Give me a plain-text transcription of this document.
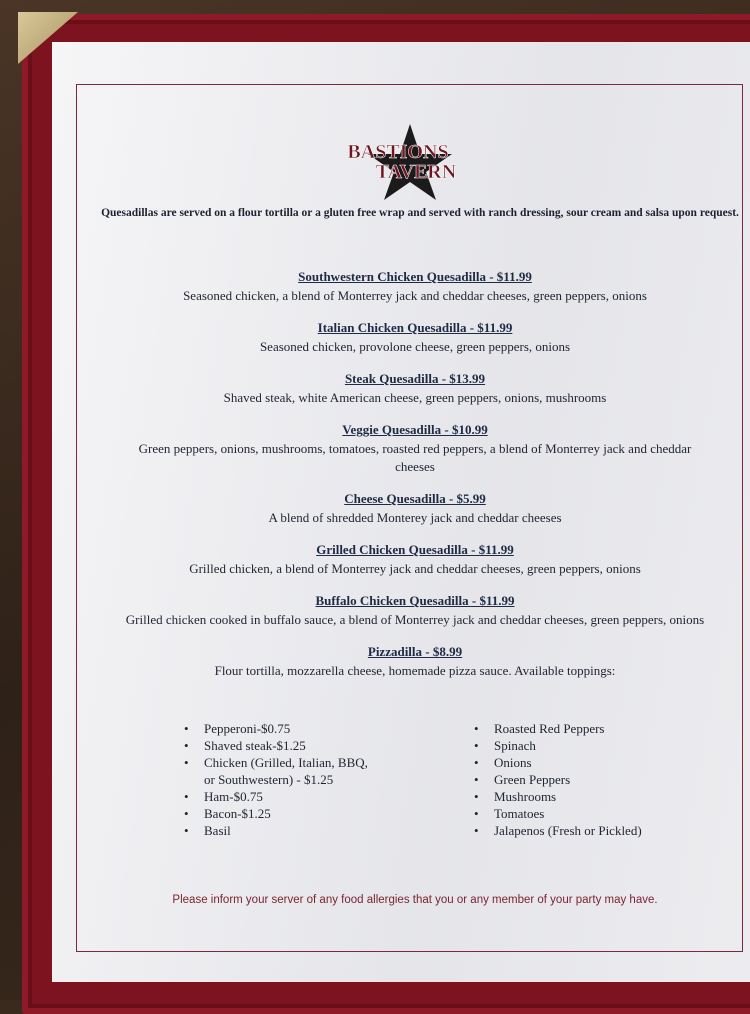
BASTIONS
TAVERN
Quesadillas are served on a flour tortilla or a gluten free wrap and served with ranch dressing, sour cream and salsa upon request.
Southwestern Chicken Quesadilla - $11.99
Seasoned chicken, a blend of Monterrey jack and cheddar cheeses, green peppers, onions
Italian Chicken Quesadilla - $11.99
Seasoned chicken, provolone cheese, green peppers, onions
Steak Quesadilla - $13.99
Shaved steak, white American cheese, green peppers, onions, mushrooms
Veggie Quesadilla - $10.99
Green peppers, onions, mushrooms, tomatoes, roasted red peppers, a blend of Monterrey jack and cheddar cheeses
Cheese Quesadilla - $5.99
A blend of shredded Monterey jack and cheddar cheeses
Grilled Chicken Quesadilla - $11.99
Grilled chicken, a blend of Monterrey jack and cheddar cheeses, green peppers, onions
Buffalo Chicken Quesadilla - $11.99
Grilled chicken cooked in buffalo sauce, a blend of Monterrey jack and cheddar cheeses, green peppers, onions
Pizzadilla - $8.99
Flour tortilla, mozzarella cheese, homemade pizza sauce. Available toppings:
• Pepperoni-$0.75
• Shaved steak-$1.25
• Chicken (Grilled, Italian, BBQ,
or Southwestern) - $1.25
• Ham-$0.75
• Bacon-$1.25
• Basil
• Roasted Red Peppers
• Spinach
• Onions
• Green Peppers
• Mushrooms
• Tomatoes
• Jalapenos (Fresh or Pickled)
Please inform your server of any food allergies that you or any member of your party may have.
